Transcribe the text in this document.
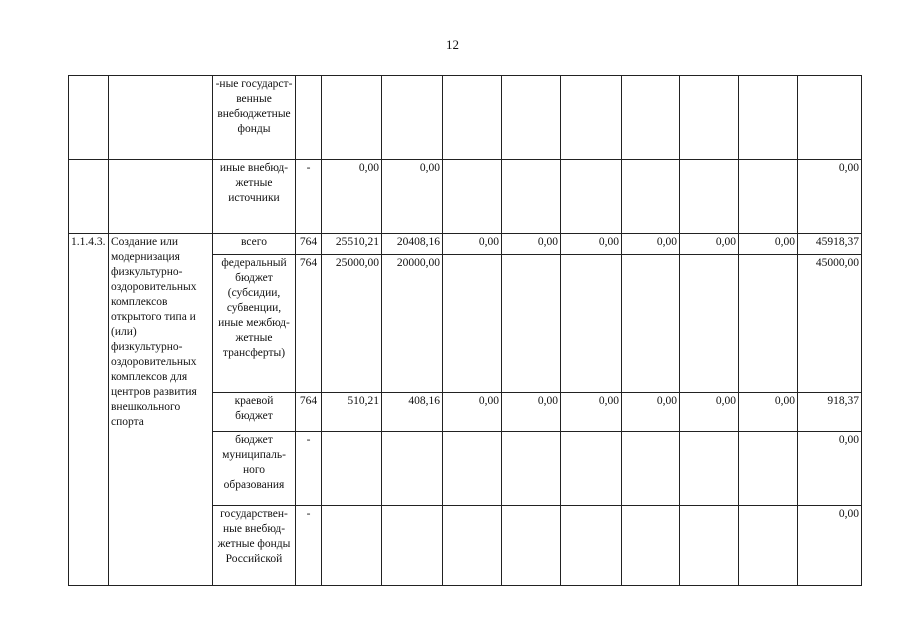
12
		-ные государст-венные внебюджетные фонды										
		иные внебюд-жетные источники	-	0,00	0,00							0,00
1.1.4.3.	Создание или модернизация физкультурно-оздоровительных комплексов открытого типа и (или) физкультурно-оздоровительных комплексов для центров развития внешкольного спорта	всего	764	25510,21	20408,16	0,00	0,00	0,00	0,00	0,00	0,00	45918,37
		федеральный бюджет (субсидии, субвенции, иные межбюд-жетные трансферты)	764	25000,00	20000,00							45000,00
		краевой бюджет	764	510,21	408,16	0,00	0,00	0,00	0,00	0,00	0,00	918,37
		бюджет муниципаль-ного образования	-									0,00
		государствен-ные внебюд-жетные фонды Российской	-									0,00
